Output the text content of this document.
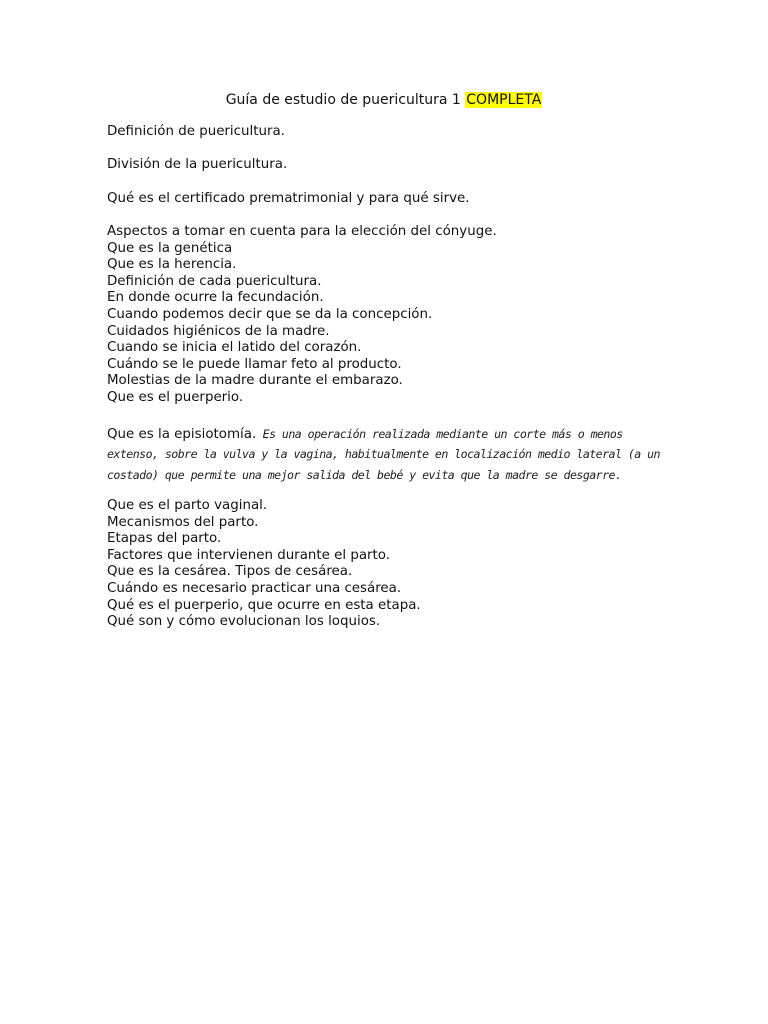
Guía de estudio de puericultura 1 COMPLETA
Definición de puericultura.
División de la puericultura.
Qué es el certificado prematrimonial y para qué sirve.
Aspectos a tomar en cuenta para la elección del cónyuge.
Que es la genética
Que es la herencia.
Definición de cada puericultura.
En donde ocurre la fecundación.
Cuando podemos decir que se da la concepción.
Cuidados higiénicos de la madre.
Cuando se inicia el latido del corazón.
Cuándo se le puede llamar feto al producto.
Molestias de la madre durante el embarazo.
Que es el puerperio.
Que es la episiotomía. Es una operación realizada mediante un corte más o menos
extenso, sobre la vulva y la vagina, habitualmente en localización medio lateral (a un
costado) que permite una mejor salida del bebé y evita que la madre se desgarre.
Que es el parto vaginal.
Mecanismos del parto.
Etapas del parto.
Factores que intervienen durante el parto.
Que es la cesárea. Tipos de cesárea.
Cuándo es necesario practicar una cesárea.
Qué es el puerperio, que ocurre en esta etapa.
Qué son y cómo evolucionan los loquios.
